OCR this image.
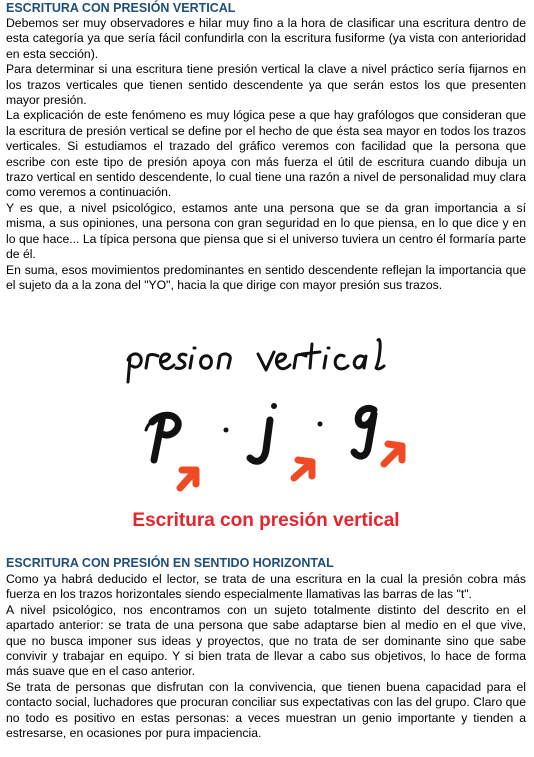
ESCRITURA CON PRESIÓN VERTICAL

Debemos ser muy observadores e hilar muy fino a la hora de clasificar una escritura dentro de esta categoría ya que sería fácil confundirla con la escritura fusiforme (ya vista con anterioridad en esta sección).

Para determinar si una escritura tiene presión vertical la clave a nivel práctico sería fijarnos en los trazos verticales que tienen sentido descendente ya que serán estos los que presenten mayor presión.

La explicación de este fenómeno es muy lógica pese a que hay grafólogos que consideran que la escritura de presión vertical se define por el hecho de que ésta sea mayor en todos los trazos verticales. Si estudiamos el trazado del gráfico veremos con facilidad que la persona que escribe con este tipo de presión apoya con más fuerza el útil de escritura cuando dibuja un trazo vertical en sentido descendente, lo cual tiene una razón a nivel de personalidad muy clara como veremos a continuación.

Y es que, a nivel psicológico, estamos ante una persona que se da gran importancia a sí misma, a sus opiniones, una persona con gran seguridad en lo que piensa, en lo que dice y en lo que hace... La típica persona que piensa que si el universo tuviera un centro él formaría parte de él.

En suma, esos movimientos predominantes en sentido descendente reflejan la importancia que el sujeto da a la zona del "YO", hacia la que dirige con mayor presión sus trazos.

Escritura con presión vertical
ESCRITURA CON PRESIÓN EN SENTIDO HORIZONTAL

Como ya habrá deducido el lector, se trata de una escritura en la cual la presión cobra más fuerza en los trazos horizontales siendo especialmente llamativas las barras de las "t".

A nivel psicológico, nos encontramos con un sujeto totalmente distinto del descrito en el apartado anterior: se trata de una persona que sabe adaptarse bien al medio en el que vive, que no busca imponer sus ideas y proyectos, que no trata de ser dominante sino que sabe convivir y trabajar en equipo. Y si bien trata de llevar a cabo sus objetivos, lo hace de forma más suave que en el caso anterior.

Se trata de personas que disfrutan con la convivencia, que tienen buena capacidad para el contacto social, luchadores que procuran conciliar sus expectativas con las del grupo. Claro que no todo es positivo en estas personas: a veces muestran un genio importante y tienden a estresarse, en ocasiones por pura impaciencia.
